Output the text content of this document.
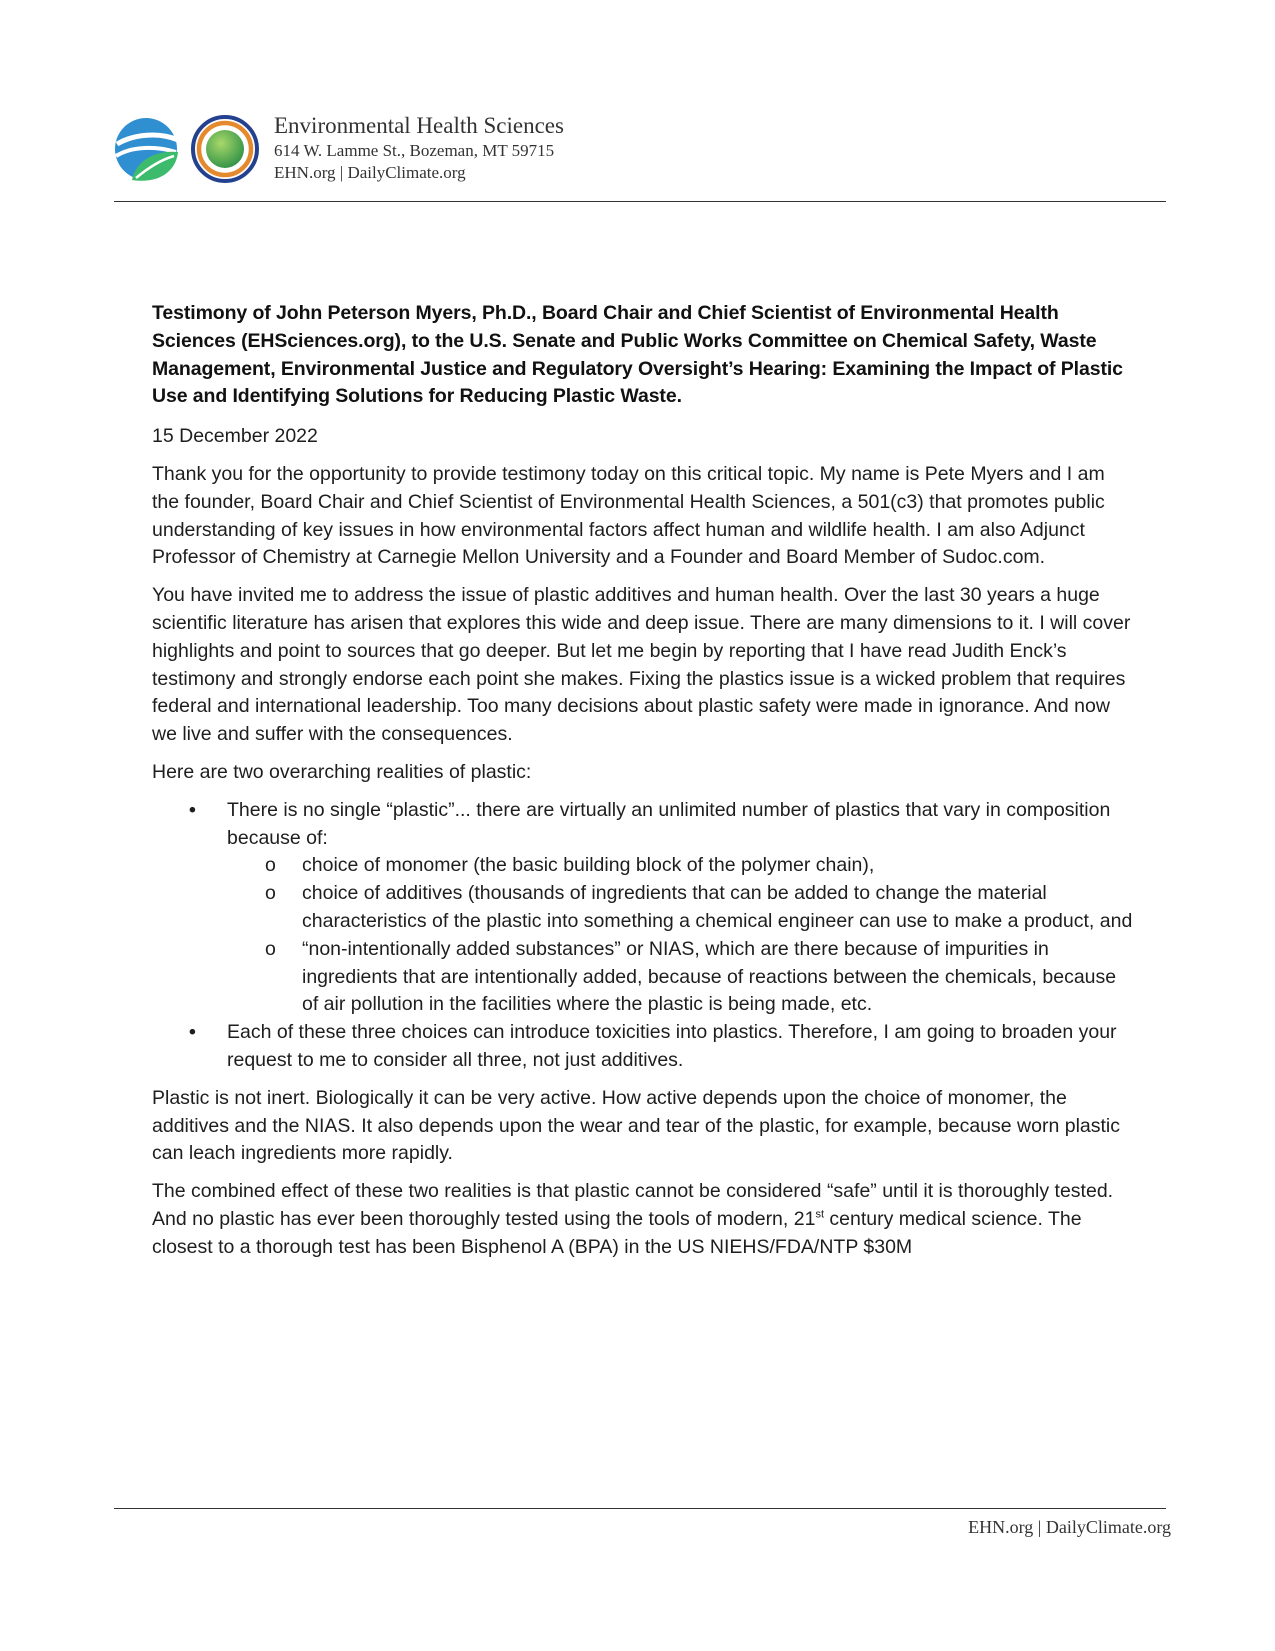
Environmental Health Sciences

614 W. Lamme St., Bozeman, MT 59715

EHN.org | DailyClimate.org

Testimony of John Peterson Myers, Ph.D., Board Chair and Chief Scientist of Environmental Health Sciences (EHSciences.org), to the U.S. Senate and Public Works Committee on Chemical Safety, Waste Management, Environmental Justice and Regulatory Oversight’s Hearing: Examining the Impact of Plastic Use and Identifying Solutions for Reducing Plastic Waste.

15 December 2022

Thank you for the opportunity to provide testimony today on this critical topic. My name is Pete Myers and I am the founder, Board Chair and Chief Scientist of Environmental Health Sciences, a 501(c3) that promotes public understanding of key issues in how environmental factors affect human and wildlife health. I am also Adjunct Professor of Chemistry at Carnegie Mellon University and a Founder and Board Member of Sudoc.com.

You have invited me to address the issue of plastic additives and human health. Over the last 30 years a huge scientific literature has arisen that explores this wide and deep issue. There are many dimensions to it. I will cover highlights and point to sources that go deeper. But let me begin by reporting that I have read Judith Enck’s testimony and strongly endorse each point she makes. Fixing the plastics issue is a wicked problem that requires federal and international leadership. Too many decisions about plastic safety were made in ignorance. And now we live and suffer with the consequences.

Here are two overarching realities of plastic:

• There is no single “plastic”... there are virtually an unlimited number of plastics that vary in composition because of:
o choice of monomer (the basic building block of the polymer chain),
o choice of additives (thousands of ingredients that can be added to change the material characteristics of the plastic into something a chemical engineer can use to make a product, and
o “non-intentionally added substances” or NIAS, which are there because of impurities in ingredients that are intentionally added, because of reactions between the chemicals, because of air pollution in the facilities where the plastic is being made, etc.
• Each of these three choices can introduce toxicities into plastics. Therefore, I am going to broaden your request to me to consider all three, not just additives.

Plastic is not inert. Biologically it can be very active. How active depends upon the choice of monomer, the additives and the NIAS. It also depends upon the wear and tear of the plastic, for example, because worn plastic can leach ingredients more rapidly.

The combined effect of these two realities is that plastic cannot be considered “safe” until it is thoroughly tested. And no plastic has ever been thoroughly tested using the tools of modern, 21st century medical science. The closest to a thorough test has been Bisphenol A (BPA) in the US NIEHS/FDA/NTP $30M

EHN.org | DailyClimate.org
